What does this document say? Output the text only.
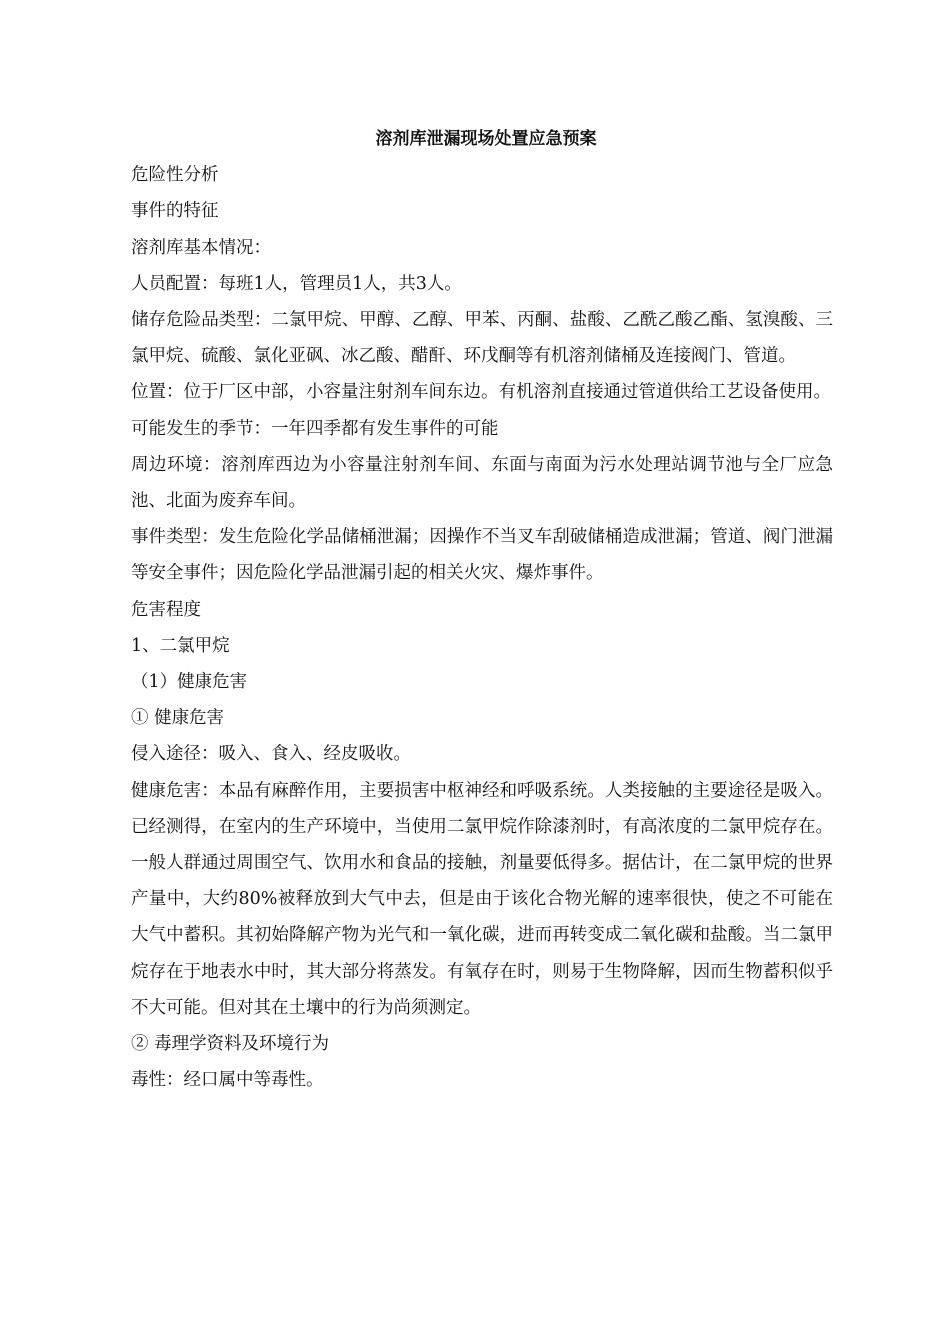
溶剂库泄漏现场处置应急预案

危险性分析

事件的特征

溶剂库基本情况：

人员配置：每班1人，管理员1人，共3人。

储存危险品类型：二氯甲烷、甲醇、乙醇、甲苯、丙酮、盐酸、乙酰乙酸乙酯、氢溴酸、三氯甲烷、硫酸、氯化亚砜、冰乙酸、醋酐、环戊酮等有机溶剂储桶及连接阀门、管道。

位置：位于厂区中部，小容量注射剂车间东边。有机溶剂直接通过管道供给工艺设备使用。

可能发生的季节：一年四季都有发生事件的可能

周边环境：溶剂库西边为小容量注射剂车间、东面与南面为污水处理站调节池与全厂应急池、北面为废弃车间。

事件类型：发生危险化学品储桶泄漏；因操作不当叉车刮破储桶造成泄漏；管道、阀门泄漏等安全事件；因危险化学品泄漏引起的相关火灾、爆炸事件。

危害程度

1、二氯甲烷

（1）健康危害

① 健康危害

侵入途径：吸入、食入、经皮吸收。

健康危害：本品有麻醉作用，主要损害中枢神经和呼吸系统。人类接触的主要途径是吸入。已经测得，在室内的生产环境中，当使用二氯甲烷作除漆剂时，有高浓度的二氯甲烷存在。一般人群通过周围空气、饮用水和食品的接触，剂量要低得多。据估计，在二氯甲烷的世界产量中，大约80%被释放到大气中去，但是由于该化合物光解的速率很快，使之不可能在大气中蓄积。其初始降解产物为光气和一氧化碳，进而再转变成二氧化碳和盐酸。当二氯甲烷存在于地表水中时，其大部分将蒸发。有氧存在时，则易于生物降解，因而生物蓄积似乎不大可能。但对其在土壤中的行为尚须测定。

② 毒理学资料及环境行为

毒性：经口属中等毒性。
